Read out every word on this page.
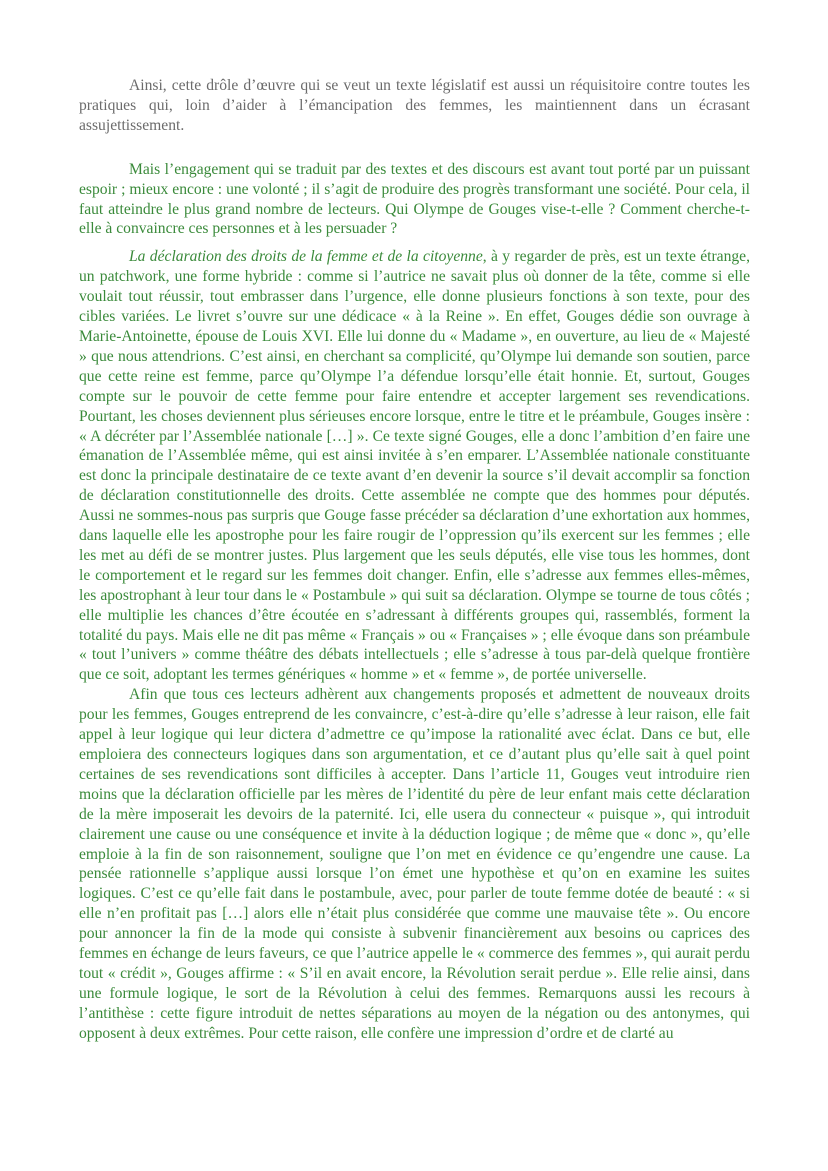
Ainsi, cette drôle d’œuvre qui se veut un texte législatif est aussi un réquisitoire contre toutes les pratiques qui, loin d’aider à l’émancipation des femmes, les maintiennent dans un écrasant assujettissement.

Mais l’engagement qui se traduit par des textes et des discours est avant tout porté par un puissant espoir ; mieux encore : une volonté ; il s’agit de produire des progrès transformant une société. Pour cela, il faut atteindre le plus grand nombre de lecteurs. Qui Olympe de Gouges vise-t-elle ? Comment cherche-t-elle à convaincre ces personnes et à les persuader ?

La déclaration des droits de la femme et de la citoyenne, à y regarder de près, est un texte étrange, un patchwork, une forme hybride : comme si l’autrice ne savait plus où donner de la tête, comme si elle voulait tout réussir, tout embrasser dans l’urgence, elle donne plusieurs fonctions à son texte, pour des cibles variées. Le livret s’ouvre sur une dédicace « à la Reine ». En effet, Gouges dédie son ouvrage à Marie-Antoinette, épouse de Louis XVI. Elle lui donne du « Madame », en ouverture, au lieu de « Majesté » que nous attendrions. C’est ainsi, en cherchant sa complicité, qu’Olympe lui demande son soutien, parce que cette reine est femme, parce qu’Olympe l’a défendue lorsqu’elle était honnie. Et, surtout, Gouges compte sur le pouvoir de cette femme pour faire entendre et accepter largement ses revendications. Pourtant, les choses deviennent plus sérieuses encore lorsque, entre le titre et le préambule, Gouges insère : « A décréter par l’Assemblée nationale […] ». Ce texte signé Gouges, elle a donc l’ambition d’en faire une émanation de l’Assemblée même, qui est ainsi invitée à s’en emparer. L’Assemblée nationale constituante est donc la principale destinataire de ce texte avant d’en devenir la source s’il devait accomplir sa fonction de déclaration constitutionnelle des droits. Cette assemblée ne compte que des hommes pour députés. Aussi ne sommes-nous pas surpris que Gouge fasse précéder sa déclaration d’une exhortation aux hommes, dans laquelle elle les apostrophe pour les faire rougir de l’oppression qu’ils exercent sur les femmes ; elle les met au défi de se montrer justes. Plus largement que les seuls députés, elle vise tous les hommes, dont le comportement et le regard sur les femmes doit changer. Enfin, elle s’adresse aux femmes elles-mêmes, les apostrophant à leur tour dans le « Postambule » qui suit sa déclaration. Olympe se tourne de tous côtés ; elle multiplie les chances d’être écoutée en s’adressant à différents groupes qui, rassemblés, forment la totalité du pays. Mais elle ne dit pas même « Français » ou « Françaises » ; elle évoque dans son préambule « tout l’univers » comme théâtre des débats intellectuels ; elle s’adresse à tous par-delà quelque frontière que ce soit, adoptant les termes génériques « homme » et « femme », de portée universelle.

Afin que tous ces lecteurs adhèrent aux changements proposés et admettent de nouveaux droits pour les femmes, Gouges entreprend de les convaincre, c’est-à-dire qu’elle s’adresse à leur raison, elle fait appel à leur logique qui leur dictera d’admettre ce qu’impose la rationalité avec éclat. Dans ce but, elle emploiera des connecteurs logiques dans son argumentation, et ce d’autant plus qu’elle sait à quel point certaines de ses revendications sont difficiles à accepter. Dans l’article 11, Gouges veut introduire rien moins que la déclaration officielle par les mères de l’identité du père de leur enfant mais cette déclaration de la mère imposerait les devoirs de la paternité. Ici, elle usera du connecteur « puisque », qui introduit clairement une cause ou une conséquence et invite à la déduction logique ; de même que « donc », qu’elle emploie à la fin de son raisonnement, souligne que l’on met en évidence ce qu’engendre une cause. La pensée rationnelle s’applique aussi lorsque l’on émet une hypothèse et qu’on en examine les suites logiques. C’est ce qu’elle fait dans le postambule, avec, pour parler de toute femme dotée de beauté : « si elle n’en profitait pas […] alors elle n’était plus considérée que comme une mauvaise tête ». Ou encore pour annoncer la fin de la mode qui consiste à subvenir financièrement aux besoins ou caprices des femmes en échange de leurs faveurs, ce que l’autrice appelle le « commerce des femmes », qui aurait perdu tout « crédit », Gouges affirme : « S’il en avait encore, la Révolution serait perdue ». Elle relie ainsi, dans une formule logique, le sort de la Révolution à celui des femmes. Remarquons aussi les recours à l’antithèse : cette figure introduit de nettes séparations au moyen de la négation ou des antonymes, qui opposent à deux extrêmes. Pour cette raison, elle confère une impression d’ordre et de clarté au
